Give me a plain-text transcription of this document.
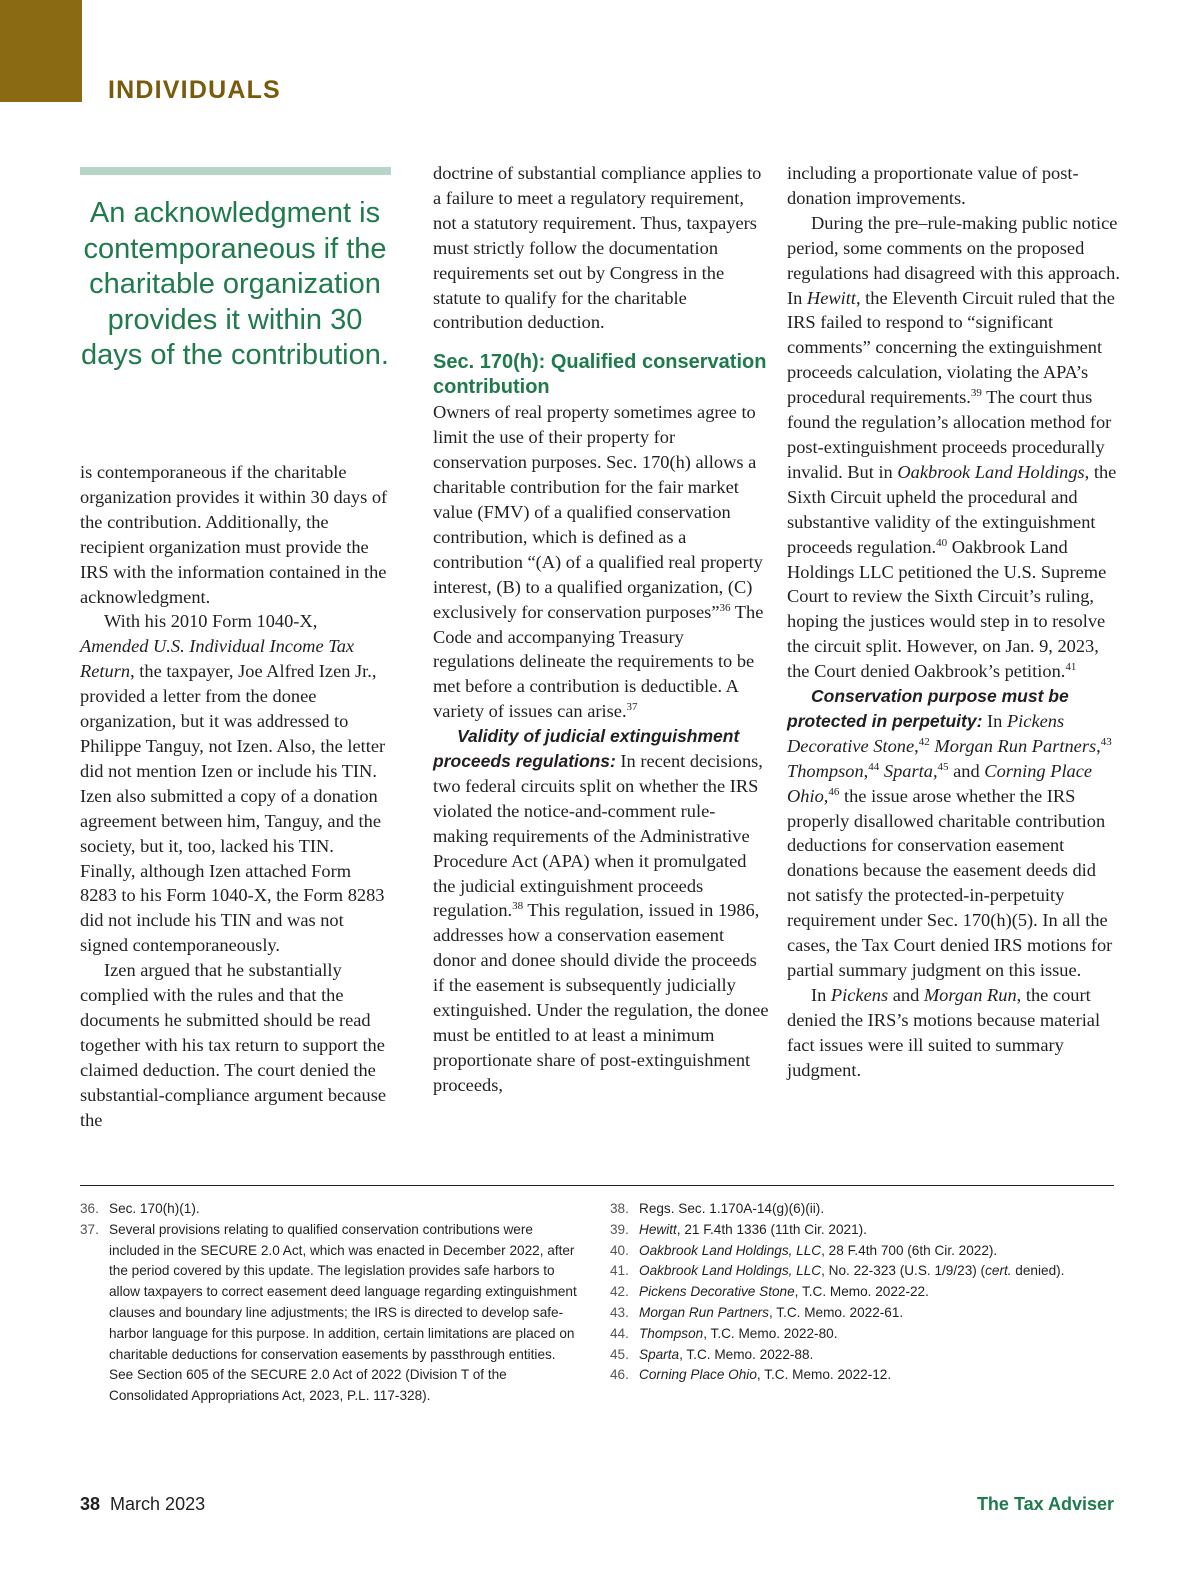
INDIVIDUALS
An acknowledgment is contemporaneous if the charitable organization provides it within 30 days of the contribution.

is contemporaneous if the charitable organization provides it within 30 days of the contribution. Additionally, the recipient organization must provide the IRS with the information contained in the acknowledgment.

With his 2010 Form 1040-X, Amended U.S. Individual Income Tax Return, the taxpayer, Joe Alfred Izen Jr., provided a letter from the donee organization, but it was addressed to Philippe Tanguy, not Izen. Also, the letter did not mention Izen or include his TIN. Izen also submitted a copy of a donation agreement between him, Tanguy, and the society, but it, too, lacked his TIN. Finally, although Izen attached Form 8283 to his Form 1040-X, the Form 8283 did not include his TIN and was not signed contemporaneously.

Izen argued that he substantially complied with the rules and that the documents he submitted should be read together with his tax return to support the claimed deduction. The court denied the substantial-compliance argument because the

doctrine of substantial compliance applies to a failure to meet a regulatory requirement, not a statutory requirement. Thus, taxpayers must strictly follow the documentation requirements set out by Congress in the statute to qualify for the charitable contribution deduction.

Sec. 170(h): Qualified conservation contribution

Owners of real property sometimes agree to limit the use of their property for conservation purposes. Sec. 170(h) allows a charitable contribution for the fair market value (FMV) of a qualified conservation contribution, which is defined as a contribution “(A) of a qualified real property interest, (B) to a qualified organization, (C) exclusively for conservation purposes”$^{36}$ The Code and accompanying Treasury regulations delineate the requirements to be met before a contribution is deductible. A variety of issues can arise.$^{37}$

Validity of judicial extinguishment proceeds regulations: In recent decisions, two federal circuits split on whether the IRS violated the notice-and-comment rule-making requirements of the Administrative Procedure Act (APA) when it promulgated the judicial extinguishment proceeds regulation.$^{38}$ This regulation, issued in 1986, addresses how a conservation easement donor and donee should divide the proceeds if the easement is subsequently judicially extinguished. Under the regulation, the donee must be entitled to at least a minimum proportionate share of post-extinguishment proceeds,

including a proportionate value of post-donation improvements.

During the pre–rule-making public notice period, some comments on the proposed regulations had disagreed with this approach. In Hewitt, the Eleventh Circuit ruled that the IRS failed to respond to “significant comments” concerning the extinguishment proceeds calculation, violating the APA’s procedural requirements.$^{39}$ The court thus found the regulation’s allocation method for post-extinguishment proceeds procedurally invalid. But in Oakbrook Land Holdings, the Sixth Circuit upheld the procedural and substantive validity of the extinguishment proceeds regulation.$^{40}$ Oakbrook Land Holdings LLC petitioned the U.S. Supreme Court to review the Sixth Circuit’s ruling, hoping the justices would step in to resolve the circuit split. However, on Jan. 9, 2023, the Court denied Oakbrook’s petition.$^{41}$

Conservation purpose must be protected in perpetuity: In Pickens Decorative Stone,$^{42}$ Morgan Run Partners,$^{43}$ Thompson,$^{44}$ Sparta,$^{45}$ and Corning Place Ohio,$^{46}$ the issue arose whether the IRS properly disallowed charitable contribution deductions for conservation easement donations because the easement deeds did not satisfy the protected-in-perpetuity requirement under Sec. 170(h)(5). In all the cases, the Tax Court denied IRS motions for partial summary judgment on this issue.

In Pickens and Morgan Run, the court denied the IRS’s motions because material fact issues were ill suited to summary judgment.

36. Sec. 170(h)(1).
37. Several provisions relating to qualified conservation contributions were included in the SECURE 2.0 Act, which was enacted in December 2022, after the period covered by this update. The legislation provides safe harbors to allow taxpayers to correct easement deed language regarding extinguishment clauses and boundary line adjustments; the IRS is directed to develop safe-harbor language for this purpose. In addition, certain limitations are placed on charitable deductions for conservation easements by passthrough entities. See Section 605 of the SECURE 2.0 Act of 2022 (Division T of the Consolidated Appropriations Act, 2023, P.L. 117-328).
38. Regs. Sec. 1.170A-14(g)(6)(ii).
39. Hewitt, 21 F.4th 1336 (11th Cir. 2021).
40. Oakbrook Land Holdings, LLC, 28 F.4th 700 (6th Cir. 2022).
41. Oakbrook Land Holdings, LLC, No. 22-323 (U.S. 1/9/23) (cert. denied).
42. Pickens Decorative Stone, T.C. Memo. 2022-22.
43. Morgan Run Partners, T.C. Memo. 2022-61.
44. Thompson, T.C. Memo. 2022-80.
45. Sparta, T.C. Memo. 2022-88.
46. Corning Place Ohio, T.C. Memo. 2022-12.
38 March 2023	The Tax Adviser
